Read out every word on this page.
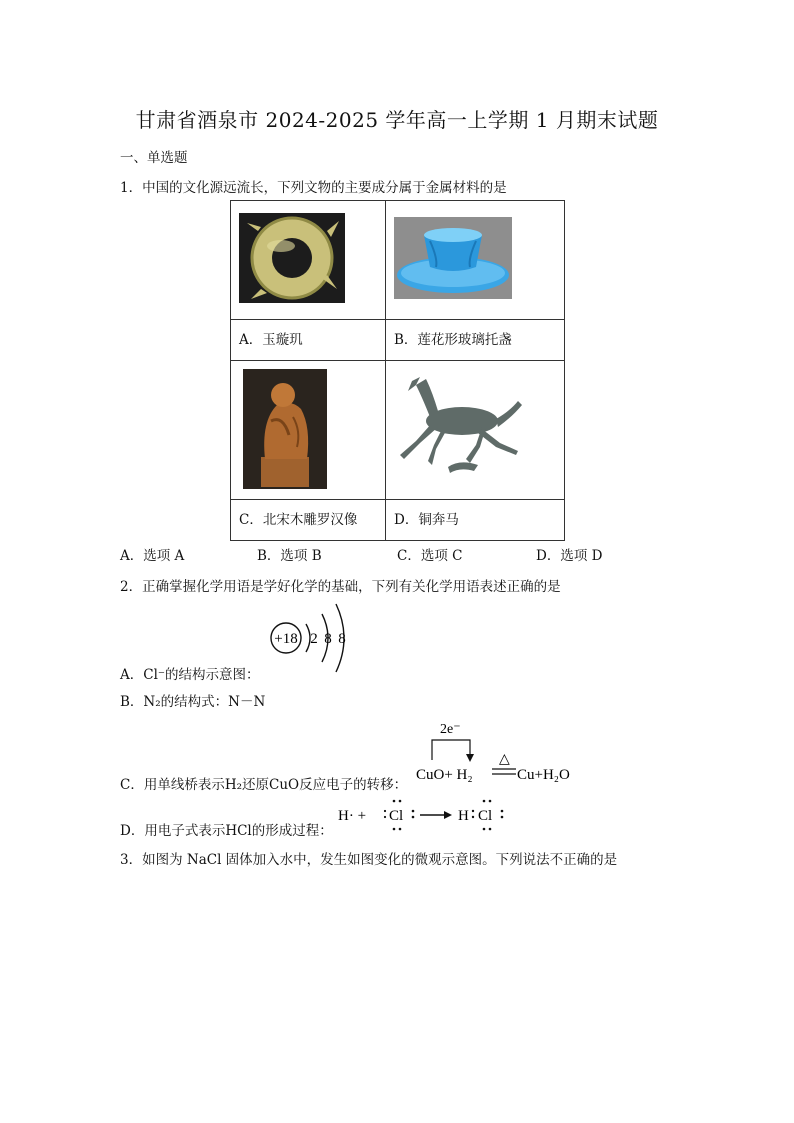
甘肃省酒泉市 2024-2025 学年高一上学期 1 月期末试题
一、单选题
1．中国的文化源远流长，下列文物的主要成分属于金属材料的是

A．玉璇玑	B．莲花形玻璃托盏

C．北宋木雕罗汉像	D．铜奔马
A．选项 A	B．选项 B	C．选项 C	D．选项 D
2．正确掌握化学用语是学好化学的基础，下列有关化学用语表述正确的是
+18 2 8 8
A．Cl⁻的结构示意图：
B．N₂的结构式：N－N
2e⁻
CuO+ H₂
△
Cu+H₂O
C．用单线桥表示H₂还原CuO反应电子的转移：
H· + Cl	H Cl
D．用电子式表示HCl的形成过程：
3．如图为 NaCl 固体加入水中，发生如图变化的微观示意图。下列说法不正确的是
